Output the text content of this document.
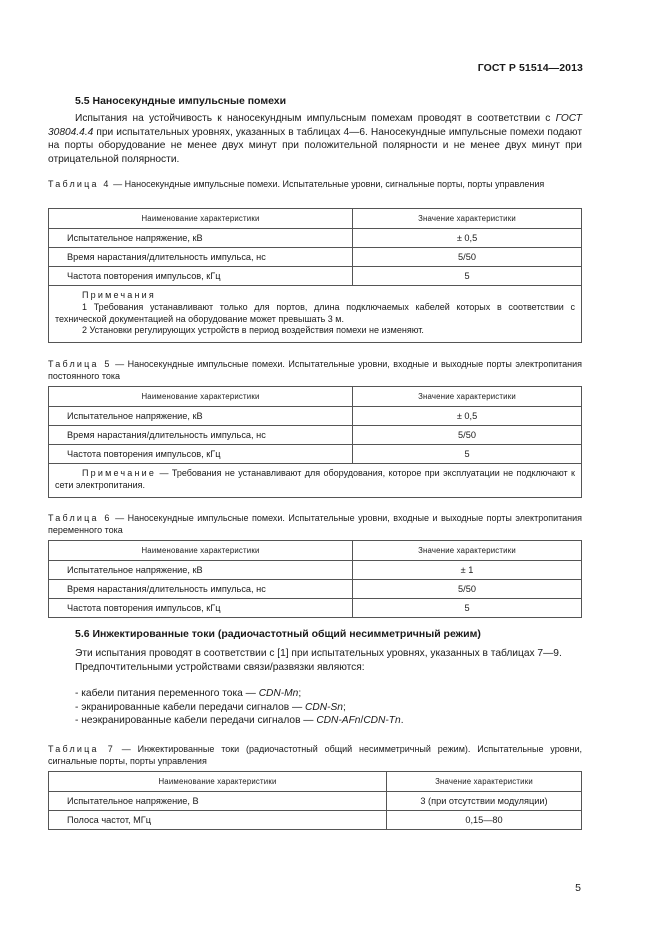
ГОСТ Р 51514—2013
5.5 Наносекундные импульсные помехи

Испытания на устойчивость к наносекундным импульсным помехам проводят в соответствии с ГОСТ 30804.4.4 при испытательных уровнях, указанных в таблицах 4—6. Наносекундные импульсные помехи подают на порты оборудование не менее двух минут при положительной полярности и не менее двух минут при отрицательной полярности.

Таблица 4 — Наносекундные импульсные помехи. Испытательные уровни, сигнальные порты, порты управления
Наименование характеристики	Значение характеристики
Испытательное напряжение, кВ	± 0,5
Время нарастания/длительность импульса, нс	5/50
Частота повторения импульсов, кГц	5

Примечания
1 Требования устанавливают только для портов, длина подключаемых кабелей которых в соответствии с технической документацией на оборудование может превышать 3 м.
2 Установки регулирующих устройств в период воздействия помехи не изменяют.	
Таблица 5 — Наносекундные импульсные помехи. Испытательные уровни, входные и выходные порты электропитания постоянного тока
Наименование характеристики	Значение характеристики
Испытательное напряжение, кВ	± 0,5
Время нарастания/длительность импульса, нс	5/50
Частота повторения импульсов, кГц	5

Примечание — Требования не устанавливают для оборудования, которое при эксплуатации не подключают к сети электропитания.	
Таблица 6 — Наносекундные импульсные помехи. Испытательные уровни, входные и выходные порты электропитания переменного тока
Наименование характеристики	Значение характеристики
Испытательное напряжение, кВ	± 1
Время нарастания/длительность импульса, нс	5/50
Частота повторения импульсов, кГц	5
5.6 Инжектированные токи (радиочастотный общий несимметричный режим)

Эти испытания проводят в соответствии с [1] при испытательных уровнях, указанных в таблицах 7—9.

Предпочтительными устройствами связи/развязки являются:

- кабели питания переменного тока — CDN-Mn;
- экранированные кабели передачи сигналов — CDN-Sn;
- неэкранированные кабели передачи сигналов — CDN-AFn/CDN-Tn.
Таблица 7 — Инжектированные токи (радиочастотный общий несимметричный режим). Испытательные уровни, сигнальные порты, порты управления
Наименование характеристики	Значение характеристики
Испытательное напряжение, В	3 (при отсутствии модуляции)
Полоса частот, МГц	0,15—80
5
